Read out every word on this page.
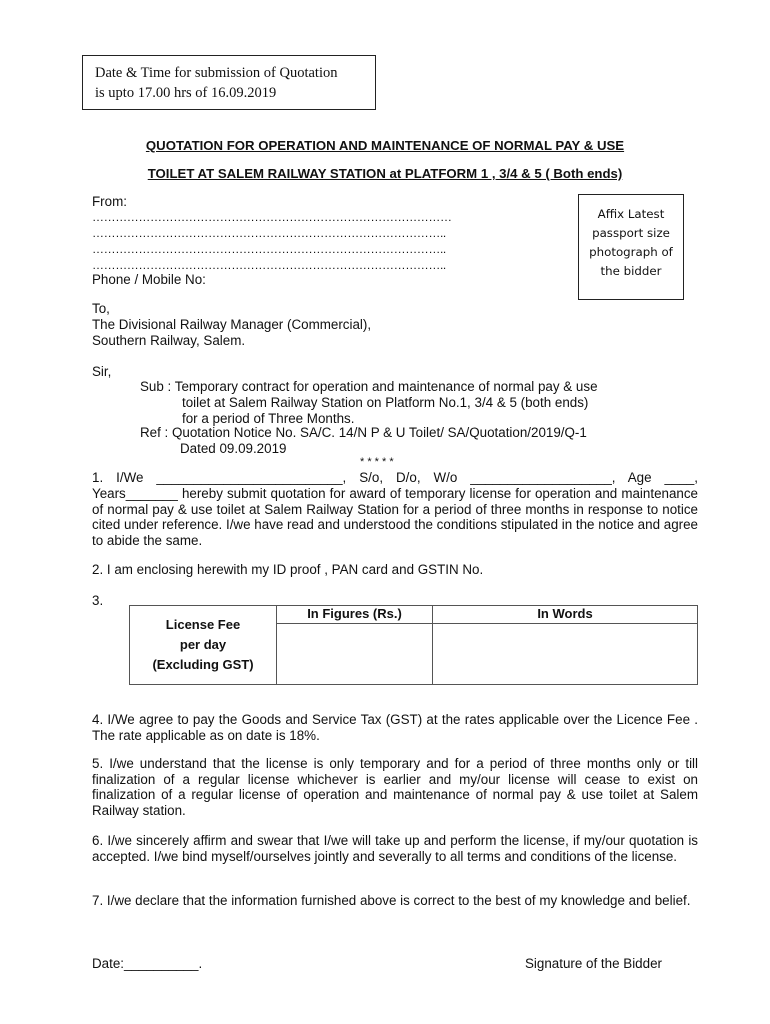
Date & Time for submission of Quotation
is upto 17.00 hrs of 16.09.2019
QUOTATION FOR OPERATION AND MAINTENANCE OF NORMAL PAY & USE
TOILET AT SALEM RAILWAY STATION at PLATFORM 1 , 3/4 & 5 ( Both ends)
From:
…………………………………………………………………………………
………………………………………………………………………………..
………………………………………………………………………………..
………………………………………………………………………………..
Phone / Mobile No:
Affix Latest
passport size
photograph of
the bidder
To,
The Divisional Railway Manager (Commercial),
Southern Railway, Salem.
Sir,
Sub : Temporary contract for operation and maintenance of normal pay & use
toilet at Salem Railway Station on Platform No.1, 3/4 & 5 (both ends)
for a period of Three Months.
Ref : Quotation Notice No. SA/C. 14/N P & U Toilet/ SA/Quotation/2019/Q-1
Dated 09.09.2019
* * * * *
1. I/We _________________________, S/o, D/o, W/o ___________________, Age ____,
Years_______ hereby submit quotation for award of temporary license for operation and maintenance of normal pay & use toilet at Salem Railway Station for a period of three months in response to notice cited under reference. I/we have read and understood the conditions stipulated in the notice and agree to abide the same.
2. I am enclosing herewith my ID proof , PAN card and GSTIN No.
3.
License Fee
per day
(Excluding GST)	In Figures (Rs.)	In Words

4. I/We agree to pay the Goods and Service Tax (GST) at the rates applicable over the Licence Fee . The rate applicable as on date is 18%.
5. I/we understand that the license is only temporary and for a period of three months only or till finalization of a regular license whichever is earlier and my/our license will cease to exist on finalization of a regular license of operation and maintenance of normal pay & use toilet at Salem Railway station.
6. I/we sincerely affirm and swear that I/we will take up and perform the license, if my/our quotation is accepted. I/we bind myself/ourselves jointly and severally to all terms and conditions of the license.
7. I/we declare that the information furnished above is correct to the best of my knowledge and belief.
Date:__________.	Signature of the Bidder
